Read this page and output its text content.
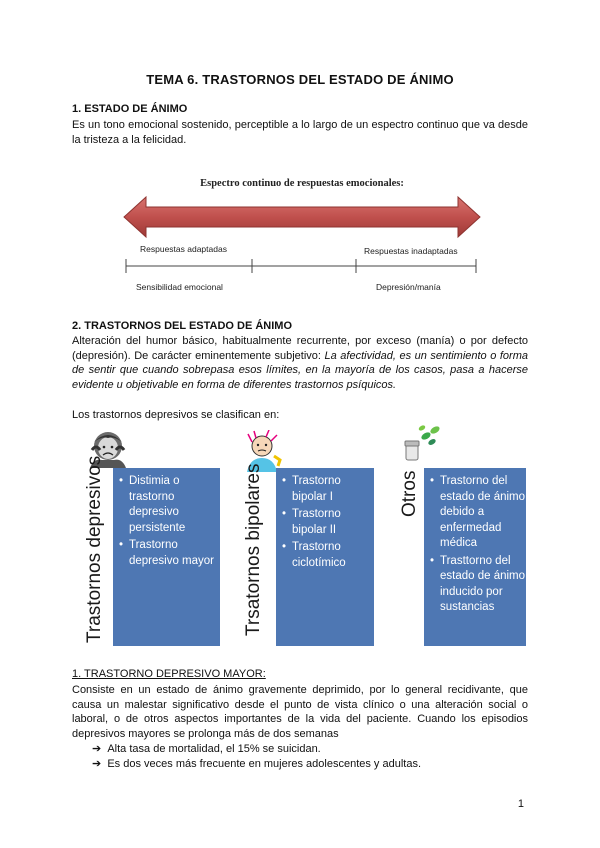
TEMA 6. TRASTORNOS DEL ESTADO DE ÁNIMO
1. ESTADO DE ÁNIMO
Es un tono emocional sostenido, perceptible a lo largo de un espectro continuo que va desde la tristeza a la felicidad.
Espectro continuo de respuestas emocionales:
Respuestas adaptadas	Respuestas inadaptadas
Sensibilidad emocional	Depresión/manía
2. TRASTORNOS DEL ESTADO DE ÁNIMO
Alteración del humor básico, habitualmente recurrente, por exceso (manía) o por defecto (depresión). De carácter eminentemente subjetivo: La afectividad, es un sentimiento o forma de sentir que cuando sobrepasa esos límites, en la mayoría de los casos, pasa a hacerse evidente u objetivable en forma de diferentes trastornos psíquicos.
Los trastornos depresivos se clasifican en:
Trastornos depresivos	• Distimia o trastorno depresivo persistente
• Trastorno depresivo mayor Trsatornos bipolares	• Trastorno bipolar I
• Trastorno bipolar II
• Trastorno ciclotímico
Otros	• Trastorno del estado de ánimo debido a enfermedad médica
• Trasttorno del estado de ánimo inducido por sustancias
1. TRASTORNO DEPRESIVO MAYOR:
Consiste en un estado de ánimo gravemente deprimido, por lo general recidivante, que causa un malestar significativo desde el punto de vista clínico o una alteración social o laboral, o de otros aspectos importantes de la vida del paciente. Cuando los episodios depresivos mayores se prolonga más de dos semanas
➔ Alta tasa de mortalidad, el 15% se suicidan.
➔ Es dos veces más frecuente en mujeres adolescentes y adultas.
1
